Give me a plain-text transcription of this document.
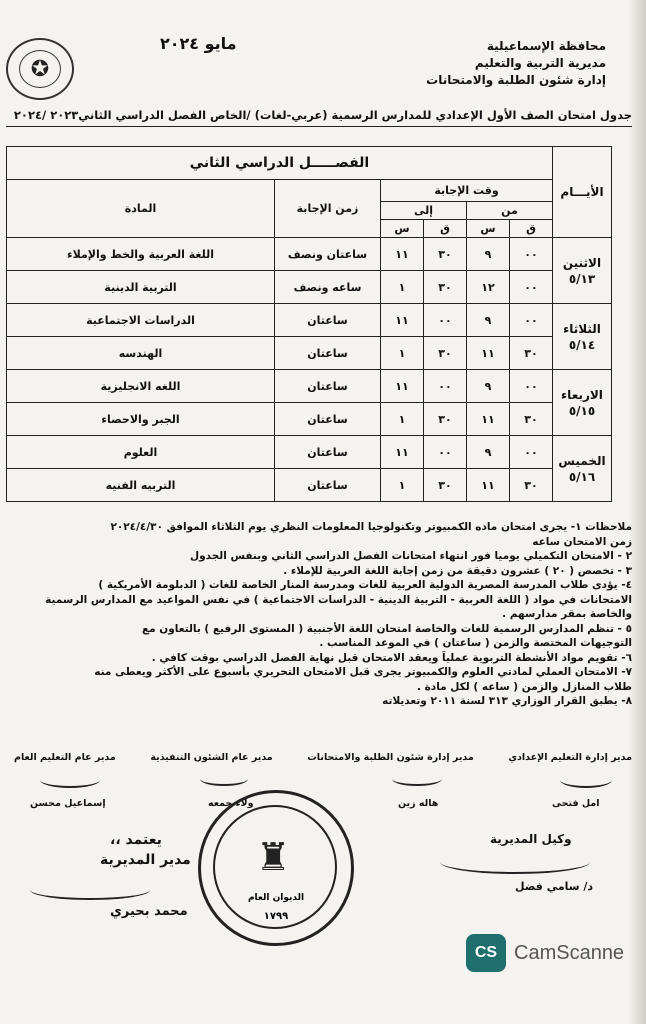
✪
مايو ٢٠٢٤	محافظة الإسماعيلية
مديرية التربية والتعليم
إدارة شئون الطلبة والامتحانات
جدول امتحان الصف الأول الإعدادي للمدارس الرسمية (عربي-لغات) /الخاص الفصل الدراسي الثاني٢٠٢٣ /٢٠٢٤
الأيـــام	الفصـــــل الدراسي الثاني					
	وقت الإجابة				زمن الإجابة	المادة
	من		إلى			
	ق	س	ق	س		

الاثنين
٥/١٣	٠٠	٩	٣٠	١١	ساعتان ونصف	اللغة العربية والخط والإملاء
	٠٠	١٢	٣٠	١	ساعه ونصف	التربية الدينية

الثلاثاء
٥/١٤	٠٠	٩	٠٠	١١	ساعتان	الدراسات الاجتماعية
	٣٠	١١	٣٠	١	ساعتان	الهندسه

الاربعاء
٥/١٥	٠٠	٩	٠٠	١١	ساعتان	اللغه الانجليزية
	٣٠	١١	٣٠	١	ساعتان	الجبر والاحصاء

الخميس
٥/١٦	٠٠	٩	٠٠	١١	ساعتان	العلوم
	٣٠	١١	٣٠	١	ساعتان	التربيه الفنيه
ملاحظات ١- يجرى امتحان ماده الكمبيوتر وتكنولوجيا المعلومات النظري يوم الثلاثاء الموافق ٢٠٢٤/٤/٣٠
زمن الامتحان ساعه
٢ - الامتحان التكميلي يوميا فور انتهاء امتحانات الفصل الدراسي الثاني وبنفس الجدول
٣ - تخصص ( ٢٠ ) عشرون دقيقة من زمن إجابة اللغة العربية للإملاء .
٤- يؤدى طلاب المدرسة المصرية الدولية العربية للغات ومدرسة المنار الخاصة للغات ( الدبلومة الأمريكية )
الامتحانات في مواد ( اللغة العربية - التربية الدينية - الدراسات الاجتماعية ) في نفس المواعيد مع المدارس الرسمية
والخاصة بمقر مدارسهم .
٥ - تنظم المدارس الرسمية للغات والخاصة امتحان اللغة الأجنبية ( المستوى الرفيع ) بالتعاون مع
التوجيهات المختصة والزمن ( ساعتان ) في الموعد المناسب .
٦- تقويم مواد الأنشطة التربوية عملياً ويعقد الامتحان قبل نهاية الفصل الدراسي بوقت كافي .
٧- الامتحان العملي لمادتي العلوم والكمبيوتر يجرى قبل الامتحان التحريري بأسبوع على الأكثر ويعطى منه
طلاب المنازل والزمن ( ساعه ) لكل مادة .
٨- يطبق القرار الوزاري ٣١٣ لسنة ٢٠١١ وتعديلاته
مدير إدارة التعليم الإعدادي
مدير إدارة شئون الطلبة والامتحانات
مدير عام الشئون التنفيذية
مدير عام التعليم العام
امل فتحى
هاله زين
ولاء جمعه
إسماعيل محسن
♜
الديوان العام
١٧٩٩
وكيل المديرية
د/ سامي فضل
يعتمد ،،
مدير المديرية
محمد بحيري
CS CamScanne
